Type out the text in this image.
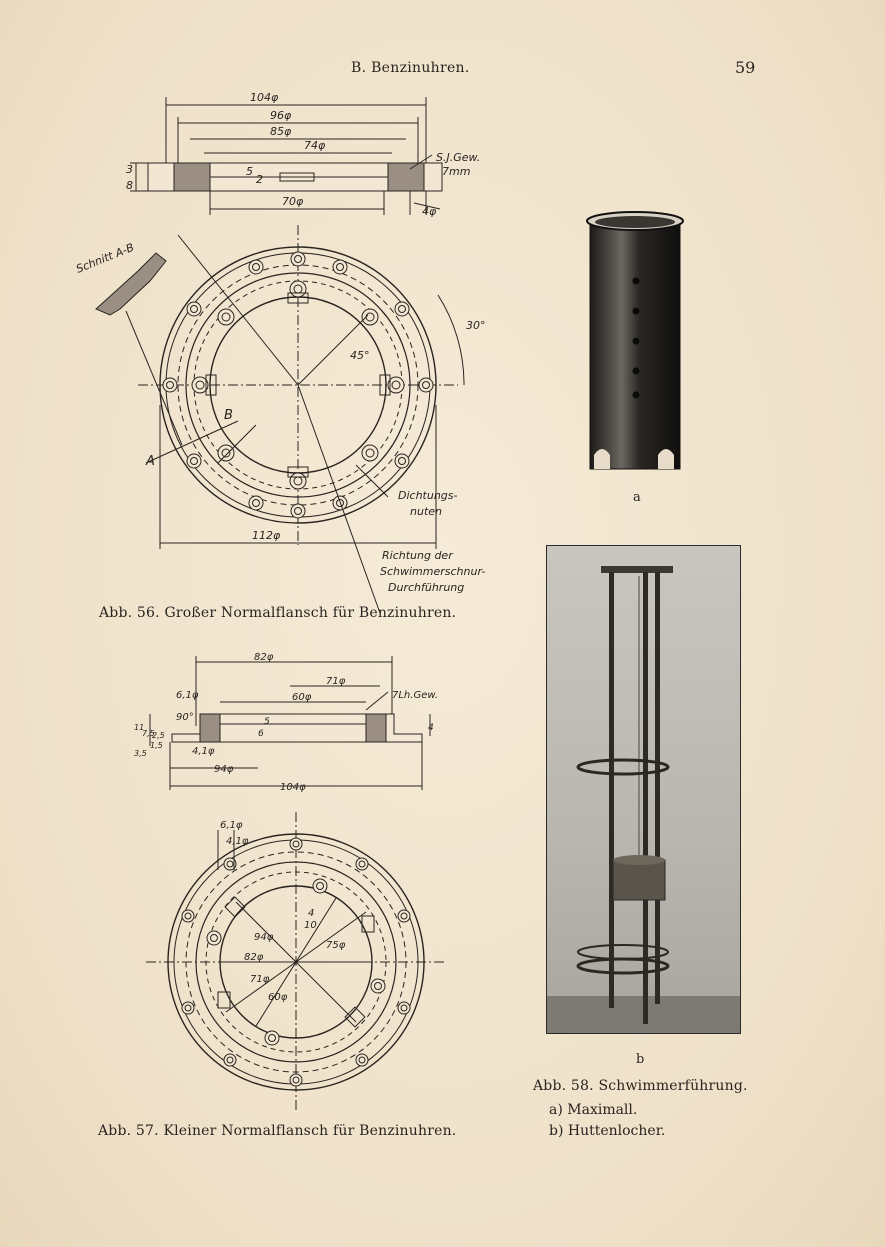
B. Benzinuhren.	59
104φ
96φ
85φ
74φ
70φ
4φ
112φ
3
8
5
2
45°
30°
S.J.Gew.
7mm
Schnitt A-B
A
B
Dichtungs-
nuten
Richtung der
Schwimmerschnur-
Durchführung
Abb. 56. Großer Normalflansch für Benzinuhren.
a
b
Abb. 58. Schwimmerführung.
a) Maximall.
b) Huttenlocher.
82φ
71φ
60φ	7Lh.Gew.
6,1φ
90°
4,1φ
94φ
104φ
11
7,5
2,5
1,5
3,5
5
6
4
6,1φ
4,1φ
4
10
75φ
94φ
82φ
71φ
60φ
Abb. 57. Kleiner Normalflansch für Benzinuhren.
